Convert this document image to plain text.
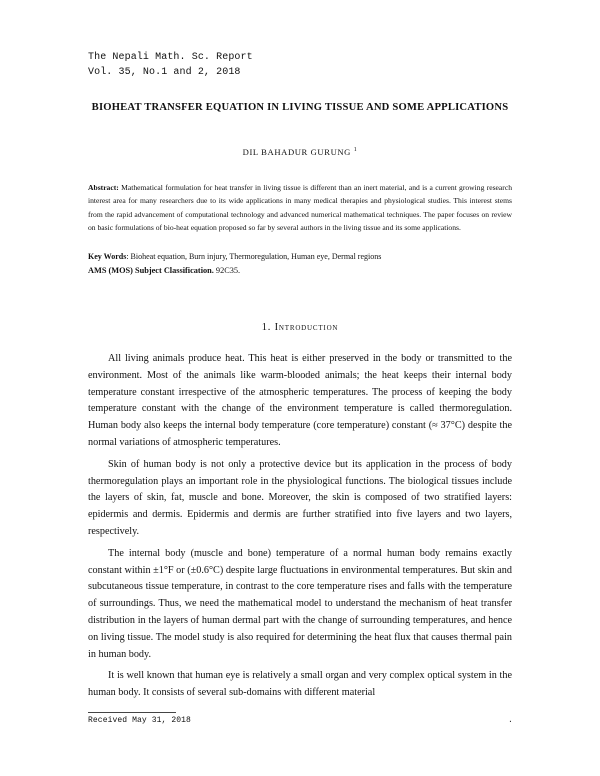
The Nepali Math. Sc. Report
Vol. 35, No.1 and 2, 2018
BIOHEAT TRANSFER EQUATION IN LIVING TISSUE AND SOME APPLICATIONS
DIL BAHADUR GURUNG $^1$
Abstract: Mathematical formulation for heat transfer in living tissue is different than an inert material, and is a current growing research interest area for many researchers due to its wide applications in many medical therapies and physiological studies. This interest stems from the rapid advancement of computational technology and advanced numerical mathematical techniques. The paper focuses on review on basic formulations of bio-heat equation proposed so far by several authors in the living tissue and its some applications.
Key Words: Bioheat equation, Burn injury, Thermoregulation, Human eye, Dermal regions
AMS (MOS) Subject Classification. 92C35.
1. Introduction

All living animals produce heat. This heat is either preserved in the body or transmitted to the environment. Most of the animals like warm-blooded animals; the heat keeps their internal body temperature constant irrespective of the atmospheric temperatures. The process of keeping the body temperature constant with the change of the environment temperature is called thermoregulation. Human body also keeps the internal body temperature (core temperature) constant (≈ 37°C) despite the normal variations of atmospheric temperatures.

Skin of human body is not only a protective device but its application in the process of body thermoregulation plays an important role in the physiological functions. The biological tissues include the layers of skin, fat, muscle and bone. Moreover, the skin is composed of two stratified layers: epidermis and dermis. Epidermis and dermis are further stratified into five layers and two layers, respectively.

The internal body (muscle and bone) temperature of a normal human body remains exactly constant within ±1°F or (±0.6°C) despite large fluctuations in environmental temperatures. But skin and subcutaneous tissue temperature, in contrast to the core temperature rises and falls with the temperature of surroundings. Thus, we need the mathematical model to understand the mechanism of heat transfer distribution in the layers of human dermal part with the change of surrounding temperatures, and hence on living tissue. The model study is also required for determining the heat flux that causes thermal pain in human body.

It is well known that human eye is relatively a small organ and very complex optical system in the human body. It consists of several sub-domains with different material

Received May 31, 2018	.
